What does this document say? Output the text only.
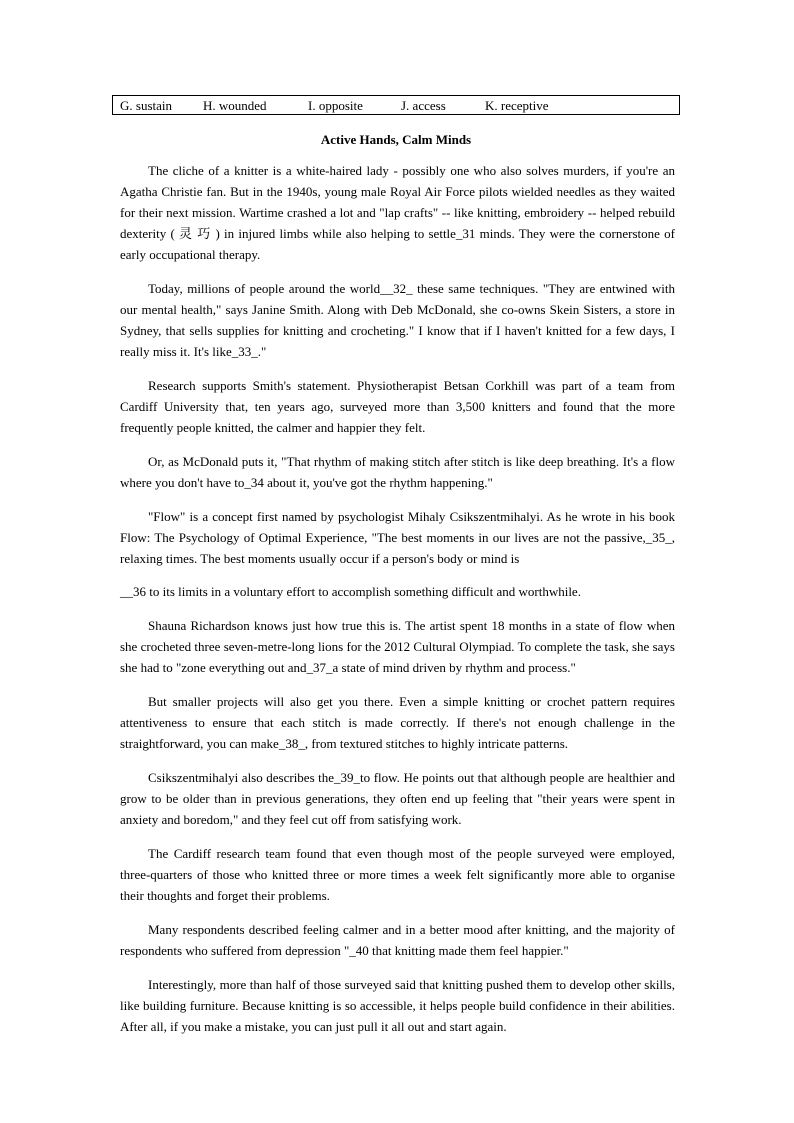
G. sustain H. wounded	I. opposite	J. access	K. receptive
Active Hands, Calm Minds

The cliche of a knitter is a white-haired lady - possibly one who also solves murders, if you're an Agatha Christie fan. But in the 1940s, young male Royal Air Force pilots wielded needles as they waited for their next mission. Wartime crashed a lot and "lap crafts" -- like knitting, embroidery -- helped rebuild dexterity ( 灵 巧 ) in injured limbs while also helping to settle_31 minds. They were the cornerstone of early occupational therapy.

Today, millions of people around the world__32_ these same techniques. "They are entwined with our mental health," says Janine Smith. Along with Deb McDonald, she co-owns Skein Sisters, a store in Sydney, that sells supplies for knitting and crocheting." I know that if I haven't knitted for a few days, I really miss it. It's like_33_."

Research supports Smith's statement. Physiotherapist Betsan Corkhill was part of a team from Cardiff University that, ten years ago, surveyed more than 3,500 knitters and found that the more frequently people knitted, the calmer and happier they felt.

Or, as McDonald puts it, "That rhythm of making stitch after stitch is like deep breathing. It's a flow where you don't have to_34 about it, you've got the rhythm happening."

"Flow" is a concept first named by psychologist Mihaly Csikszentmihalyi. As he wrote in his book Flow: The Psychology of Optimal Experience, "The best moments in our lives are not the passive,_35_, relaxing times. The best moments usually occur if a person's body or mind is

__36 to its limits in a voluntary effort to accomplish something difficult and worthwhile.

Shauna Richardson knows just how true this is. The artist spent 18 months in a state of flow when she crocheted three seven-metre-long lions for the 2012 Cultural Olympiad. To complete the task, she says she had to "zone everything out and_37_a state of mind driven by rhythm and process."

But smaller projects will also get you there. Even a simple knitting or crochet pattern requires attentiveness to ensure that each stitch is made correctly. If there's not enough challenge in the straightforward, you can make_38_, from textured stitches to highly intricate patterns.

Csikszentmihalyi also describes the_39_to flow. He points out that although people are healthier and grow to be older than in previous generations, they often end up feeling that "their years were spent in anxiety and boredom," and they feel cut off from satisfying work.

The Cardiff research team found that even though most of the people surveyed were employed, three-quarters of those who knitted three or more times a week felt significantly more able to organise their thoughts and forget their problems.

Many respondents described feeling calmer and in a better mood after knitting, and the majority of respondents who suffered from depression "_40 that knitting made them feel happier."

Interestingly, more than half of those surveyed said that knitting pushed them to develop other skills, like building furniture. Because knitting is so accessible, it helps people build confidence in their abilities. After all, if you make a mistake, you can just pull it all out and start again.
